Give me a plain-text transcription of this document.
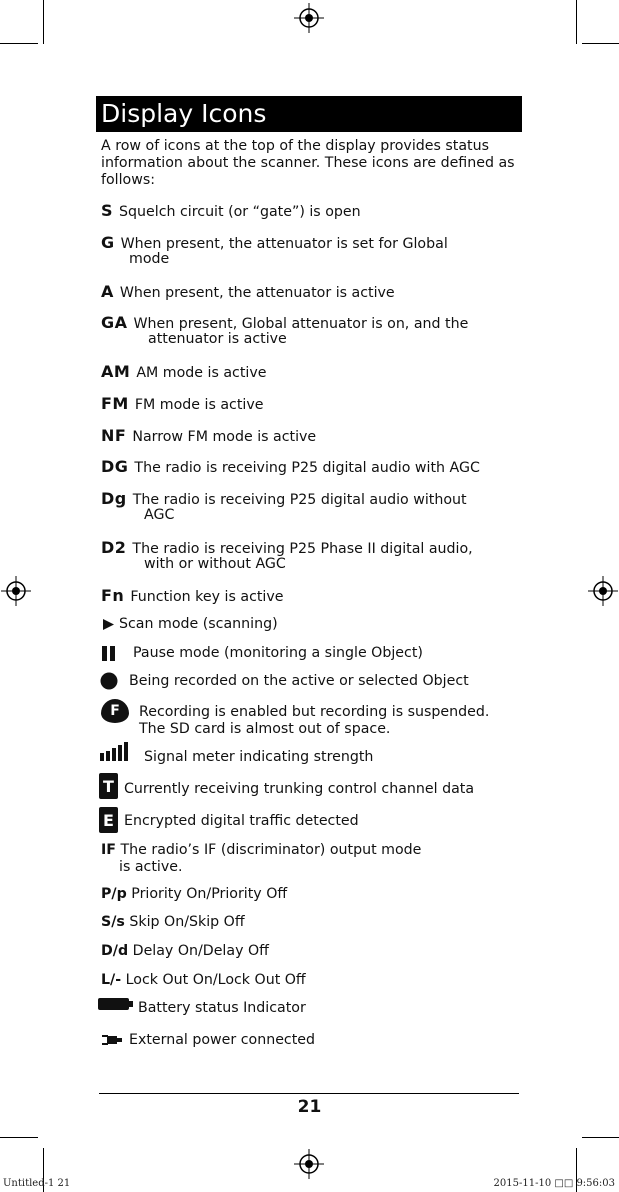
Display Icons
A row of icons at the top of the display provides status information about the scanner. These icons are defined as follows:
S Squelch circuit (or “gate”) is open
G When present, the attenuator is set for Global
mode
A When present, the attenuator is active
GA When present, Global attenuator is on, and the
attenuator is active
AM AM mode is active
FM FM mode is active
NF Narrow FM mode is active
DG The radio is receiving P25 digital audio with AGC
Dg The radio is receiving P25 digital audio without
AGC
D2 The radio is receiving P25 Phase II digital audio,
with or without AGC
Fn Function key is active
Scan mode (scanning)
Pause mode (monitoring a single Object)
Being recorded on the active or selected Object
F	Recording is enabled but recording is suspended.
The SD card is almost out of space.
Signal meter indicating strength
T Currently receiving trunking control channel data
E Encrypted digital traffic detected
IF The radio’s IF (discriminator) output mode
is active.
P/p Priority On/Priority Off
S/s Skip On/Skip Off
D/d Delay On/Delay Off
L/- Lock Out On/Lock Out Off
Battery status Indicator
External power connected
21
Untitled-1 21	2015-11-10 □□ 9:56:03
